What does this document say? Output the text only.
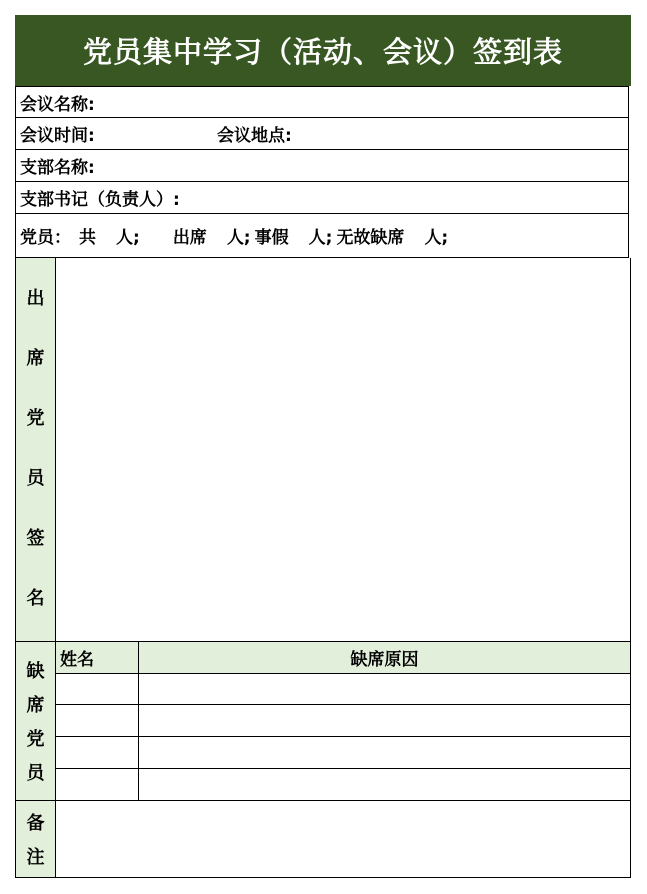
党员集中学习（活动、会议）签到表
会议名称:
会议时间:	会议地点:
支部名称:
支部书记（负责人）:
党员： 共 人; 出席 人; 事假 人; 无故缺席 人;
出
席
党
员
签
名
缺
席
党
员
姓名	缺席原因
备
注
